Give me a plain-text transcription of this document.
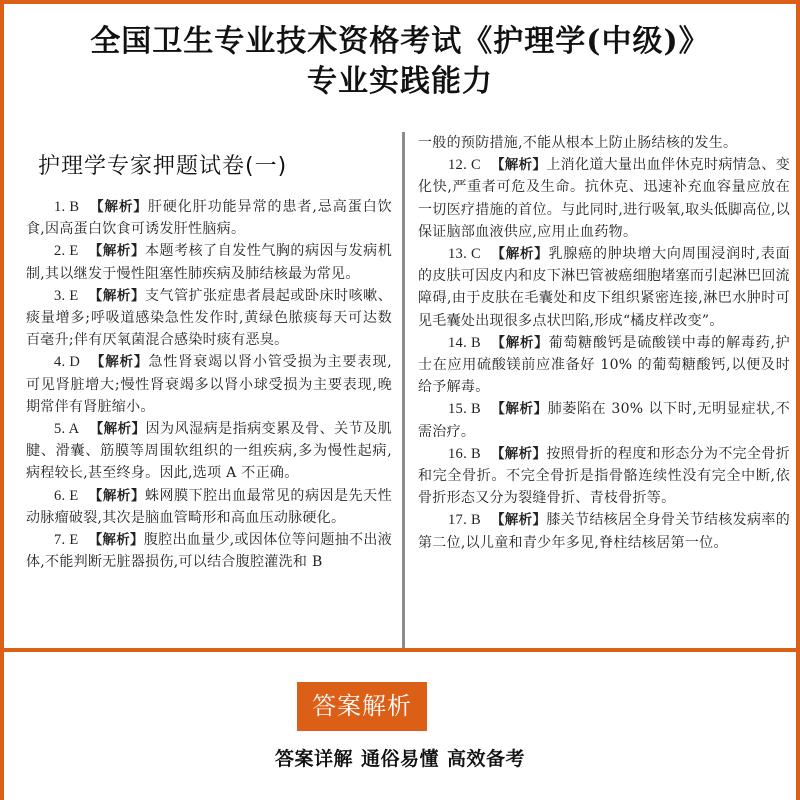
全国卫生专业技术资格考试《护理学(中级)》
专业实践能力
护理学专家押题试卷(一)

1. B 【解析】肝硬化肝功能异常的患者,忌高蛋白饮食,因高蛋白饮食可诱发肝性脑病。

2. E 【解析】本题考核了自发性气胸的病因与发病机制,其以继发于慢性阻塞性肺疾病及肺结核最为常见。

3. E 【解析】支气管扩张症患者晨起或卧床时咳嗽、痰量增多;呼吸道感染急性发作时,黄绿色脓痰每天可达数百毫升;伴有厌氧菌混合感染时痰有恶臭。

4. D 【解析】急性肾衰竭以肾小管受损为主要表现,可见肾脏增大;慢性肾衰竭多以肾小球受损为主要表现,晚期常伴有肾脏缩小。

5. A 【解析】因为风湿病是指病变累及骨、关节及肌腱、滑囊、筋膜等周围软组织的一组疾病,多为慢性起病,病程较长,甚至终身。因此,选项 A 不正确。

6. E 【解析】蛛网膜下腔出血最常见的病因是先天性动脉瘤破裂,其次是脑血管畸形和高血压动脉硬化。

7. E 【解析】腹腔出血量少,或因体位等问题抽不出液体,不能判断无脏器损伤,可以结合腹腔灌洗和 B

一般的预防措施,不能从根本上防止肠结核的发生。

12. C 【解析】上消化道大量出血伴休克时病情急、变化快,严重者可危及生命。抗休克、迅速补充血容量应放在一切医疗措施的首位。与此同时,进行吸氧,取头低脚高位,以保证脑部血液供应,应用止血药物。

13. C 【解析】乳腺癌的肿块增大向周围浸润时,表面的皮肤可因皮内和皮下淋巴管被癌细胞堵塞而引起淋巴回流障碍,由于皮肤在毛囊处和皮下组织紧密连接,淋巴水肿时可见毛囊处出现很多点状凹陷,形成“橘皮样改变”。

14. B 【解析】葡萄糖酸钙是硫酸镁中毒的解毒药,护士在应用硫酸镁前应准备好 10% 的葡萄糖酸钙,以便及时给予解毒。

15. B 【解析】肺萎陷在 30% 以下时,无明显症状,不需治疗。

16. B 【解析】按照骨折的程度和形态分为不完全骨折和完全骨折。不完全骨折是指骨骼连续性没有完全中断,依骨折形态又分为裂缝骨折、青枝骨折等。

17. B 【解析】膝关节结核居全身骨关节结核发病率的第二位,以儿童和青少年多见,脊柱结核居第一位。

答案解析
答案详解 通俗易懂 高效备考
